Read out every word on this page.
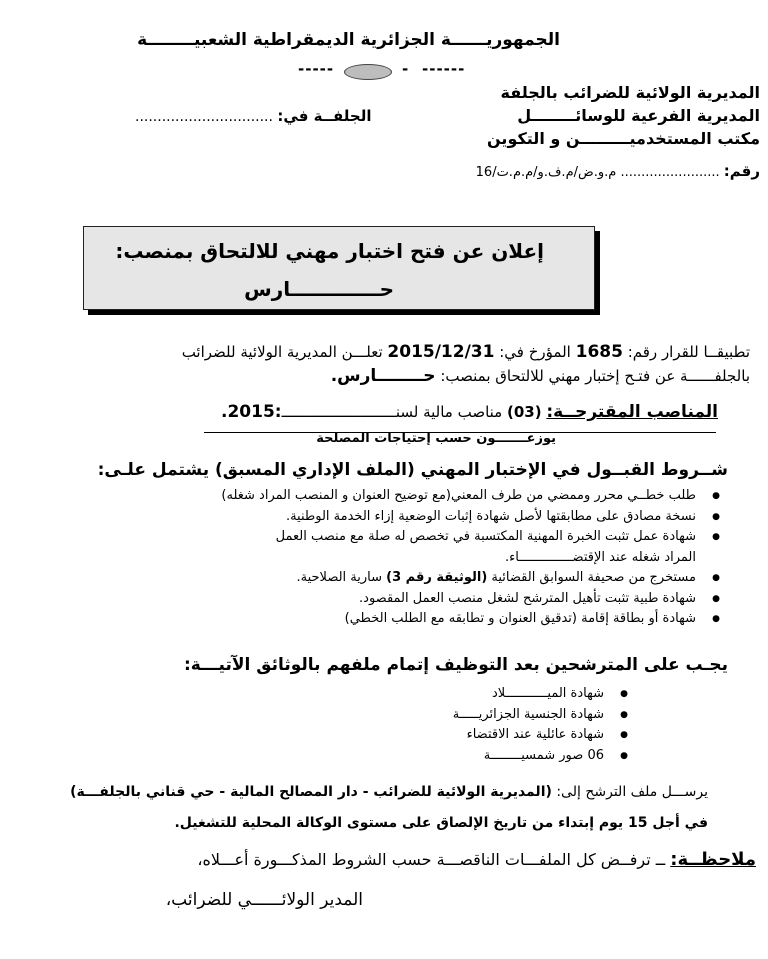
الجمهوريــــــة الجزائرية الديمقراطية الشعبيــــــــة
-----	- ------
المديرية الولائية للضرائب بالجلفة
المديرية الفرعية للوسائــــــــل
مكتب المستخدميـــــــــن و التكوين
الجلفــة في: ...............................
رقم: ........................ م.و.ض/م.ف.و/م.م.ت/16
إعلان عن فتح اختبار مهني للالتحاق بمنصب:
حـــــــــــــارس
تطبيقــا للقرار رقم: 1685 المؤرخ في: 2015/12/31 تعلـــن المديرية الولائية للضرائب
بالجلفــــــة عن فتـح إختبار مهني للالتحاق بمنصب: حــــــــارس.
المناصب المقترحــة: (03) مناصب مالية لسنــــــــــــــــــــــــــ:2015.
يوزعـــــــون حسب إحتياجات المصلحة
شــروط القبــول في الإختبار المهني (الملف الإداري المسبق) يشتمل علـى:
● طلب خطــي محرر وممضي من طرف المعني(مع توضيح العنوان و المنصب المراد شغله)
● نسخة مصادق على مطابقتها لأصل شهادة إثبات الوضعية إزاء الخدمة الوطنية.
● شهادة عمل تثبت الخبرة المهنية المكتسبة في تخصص له صلة مع منصب العمل
المراد شغله عند الإقتضــــــــــــــاء.
● مستخرج من صحيفة السوابق القضائية (الوثيقة رقم 3) سارية الصلاحية.
● شهادة طبية تثبت تأهيل المترشح لشغل منصب العمل المقصود.
● شهادة أو بطاقة إقامة (تدقيق العنوان و تطابقه مع الطلب الخطي)
يجـب على المترشحين بعد التوظيف إتمام ملفهم بالوثائق الآتيـــة:
● شهادة الميـــــــــــلاد
● شهادة الجنسية الجزائريـــــة
● شهادة عائلية عند الاقتضاء
● 06 صور شمسيــــــــة
يرســـل ملف الترشح إلى: (المديرية الولائية للضرائب - دار المصالح المالية - حي قناني بالجلفـــة)
في أجل 15 يوم إبتداء من تاريخ الإلصاق على مستوى الوكالة المحلية للتشغيل.
ملاحظــة: ــ ترفــض كل الملفـــات الناقصـــة حسب الشروط المذكـــورة أعـــلاه،
المدير الولائــــــي للضرائب،
